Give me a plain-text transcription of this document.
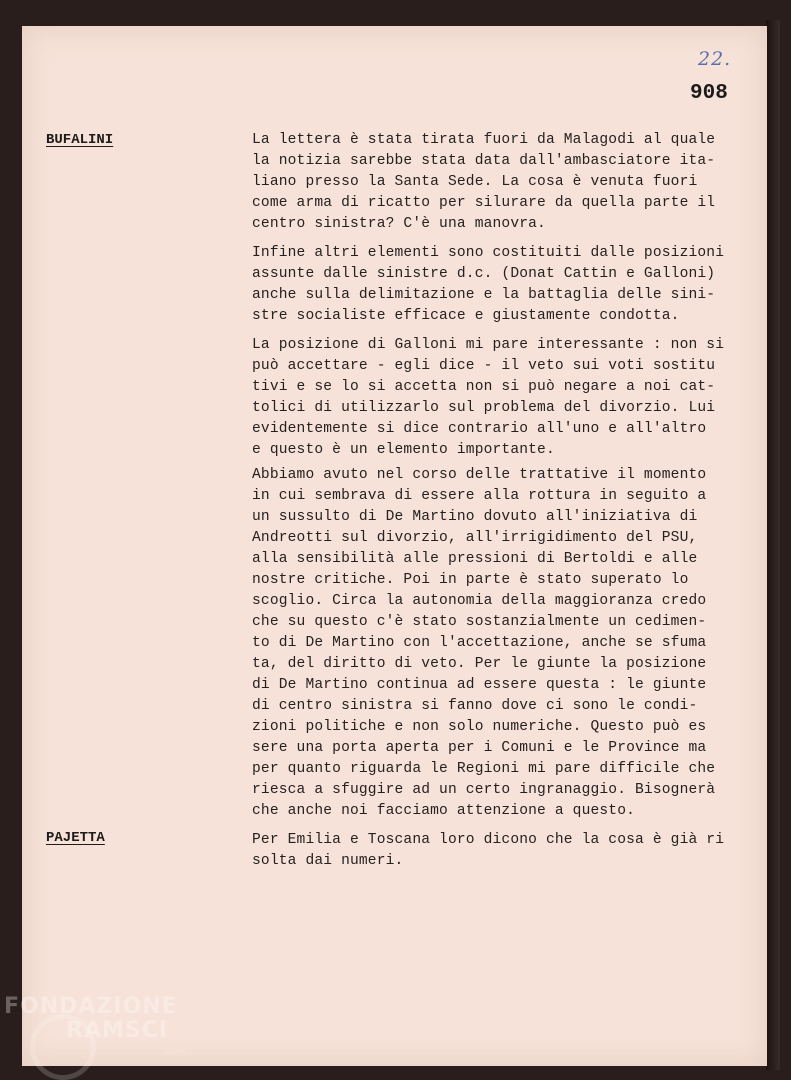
22.
908
BUFALINI	La lettera è stata tirata fuori da Malagodi al quale
la notizia sarebbe stata data dall'ambasciatore ita-
liano presso la Santa Sede. La cosa è venuta fuori
come arma di ricatto per silurare da quella parte il
centro sinistra? C'è una manovra.

Infine altri elementi sono costituiti dalle posizioni
assunte dalle sinistre d.c. (Donat Cattin e Galloni)
anche sulla delimitazione e la battaglia delle sini-
stre socialiste efficace e giustamente condotta.

La posizione di Galloni mi pare interessante : non si
può accettare - egli dice - il veto sui voti sostitu
tivi e se lo si accetta non si può negare a noi cat-
tolici di utilizzarlo sul problema del divorzio. Lui
evidentemente si dice contrario all'uno e all'altro
e questo è un elemento importante.

Abbiamo avuto nel corso delle trattative il momento
in cui sembrava di essere alla rottura in seguito a
un sussulto di De Martino dovuto all'iniziativa di
Andreotti sul divorzio, all'irrigidimento del PSU,
alla sensibilità alle pressioni di Bertoldi e alle
nostre critiche. Poi in parte è stato superato lo
scoglio. Circa la autonomia della maggioranza credo
che su questo c'è stato sostanzialmente un cedimen-
to di De Martino con l'accettazione, anche se sfuma
ta, del diritto di veto. Per le giunte la posizione
di De Martino continua ad essere questa : le giunte
di centro sinistra si fanno dove ci sono le condi-
zioni politiche e non solo numeriche. Questo può es
sere una porta aperta per i Comuni e le Province ma
per quanto riguarda le Regioni mi pare difficile che
riesca a sfuggire ad un certo ingranaggio. Bisognerà
che anche noi facciamo attenzione a questo.

PAJETTA	Per Emilia e Toscana loro dicono che la cosa è già ri
solta dai numeri.

FONDAZIONE
RAMSCI
onlus
